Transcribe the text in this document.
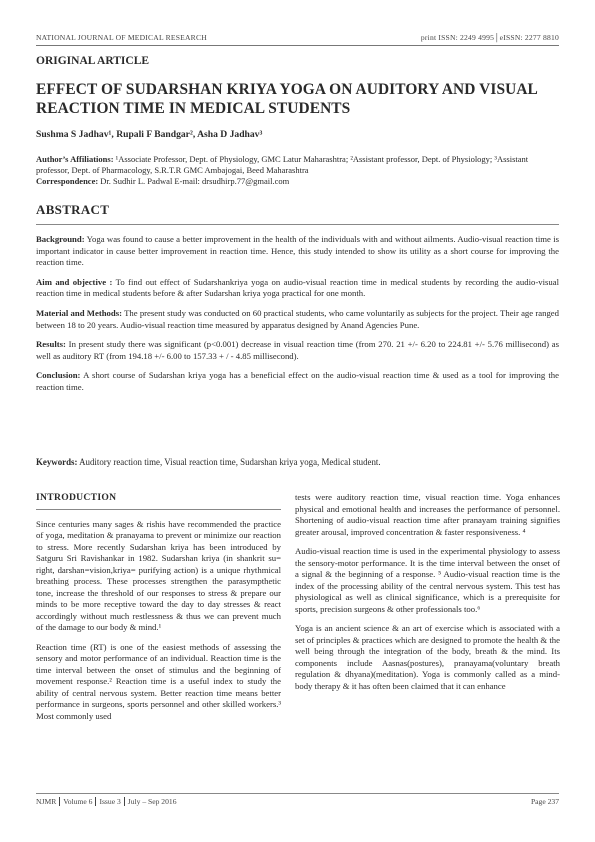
NATIONAL JOURNAL OF MEDICAL RESEARCH	print ISSN: 2249 4995│eISSN: 2277 8810
ORIGINAL ARTICLE
EFFECT OF SUDARSHAN KRIYA YOGA ON AUDITORY AND VISUAL REACTION TIME IN MEDICAL STUDENTS
Sushma S Jadhav¹, Rupali F Bandgar², Asha D Jadhav³
Author’s Affiliations: ¹Associate Professor, Dept. of Physiology, GMC Latur Maharashtra; ²Assistant professor, Dept. of Physiology; ³Assistant professor, Dept. of Pharmacology, S.R.T.R GMC Ambajogai, Beed Maharashtra
Correspondence: Dr. Sudhir L. Padwal E-mail: drsudhirp.77@gmail.com
ABSTRACT

Background: Yoga was found to cause a better improvement in the health of the individuals with and without ailments. Audio-visual reaction time is important indicator in cause better improvement in reaction time. Hence, this study intended to show its utility as a short course for improving the reaction time.

Aim and objective : To find out effect of Sudarshankriya yoga on audio-visual reaction time in medical students by recording the audio-visual reaction time in medical students before & after Sudarshan kriya yoga practical for one month.

Material and Methods: The present study was conducted on 60 practical students, who came voluntarily as subjects for the project. Their age ranged between 18 to 20 years. Audio-visual reaction time measured by apparatus designed by Anand Agencies Pune.

Results: In present study there was significant (p<0.001) decrease in visual reaction time (from 270. 21 +/- 6.20 to 224.81 +/- 5.76 millisecond) as well as auditory RT (from 194.18 +/- 6.00 to 157.33 + / - 4.85 millisecond).

Conclusion: A short course of Sudarshan kriya yoga has a beneficial effect on the audio-visual reaction time & used as a tool for improving the reaction time.

Keywords: Auditory reaction time, Visual reaction time, Sudarshan kriya yoga, Medical student.
INTRODUCTION

Since centuries many sages & rishis have recommended the practice of yoga, meditation & pranayama to prevent or minimize our reaction to stress. More recently Sudarshan kriya has been introduced by Satguru Sri Ravishankar in 1982. Sudarshan kriya (in shankrit su= right, darshan=vision,kriya= purifying action) is a unique rhythmical breathing process. These processes strengthen the parasympthetic tone, increase the threshold of our responses to stress & prepare our minds to be more receptive toward the day to day stresses & react accordingly without much restlessness & thus we can prevent much of the damage to our body & mind.¹

Reaction time (RT) is one of the easiest methods of assessing the sensory and motor performance of an individual. Reaction time is the time interval between the onset of stimulus and the beginning of movement response.² Reaction time is a useful index to study the ability of central nervous system. Better reaction time means better performance in surgeons, sports personnel and other skilled workers.³ Most commonly used

tests were auditory reaction time, visual reaction time. Yoga enhances physical and emotional health and increases the performance of personnel. Shortening of audio-visual reaction time after pranayam training signifies greater arousal, improved concentration & faster responsiveness. ⁴

Audio-visual reaction time is used in the experimental physiology to assess the sensory-motor performance. It is the time interval between the onset of a signal & the beginning of a response. ⁵ Audio-visual reaction time is the index of the processing ability of the central nervous system. This test has physiological as well as clinical significance, which is a prerequisite for sports, precision surgeons & other professionals too.⁶

Yoga is an ancient science & an art of exercise which is associated with a set of principles & practices which are designed to promote the health & the well being through the integration of the body, breath & the mind. Its components include Aasnas(postures), pranayama(voluntary breath regulation & dhyana)(meditation). Yoga is commonly called as a mind-body therapy & it has often been claimed that it can enhance

NJMR Volume 6 Issue 3 July – Sep 2016	Page 237
